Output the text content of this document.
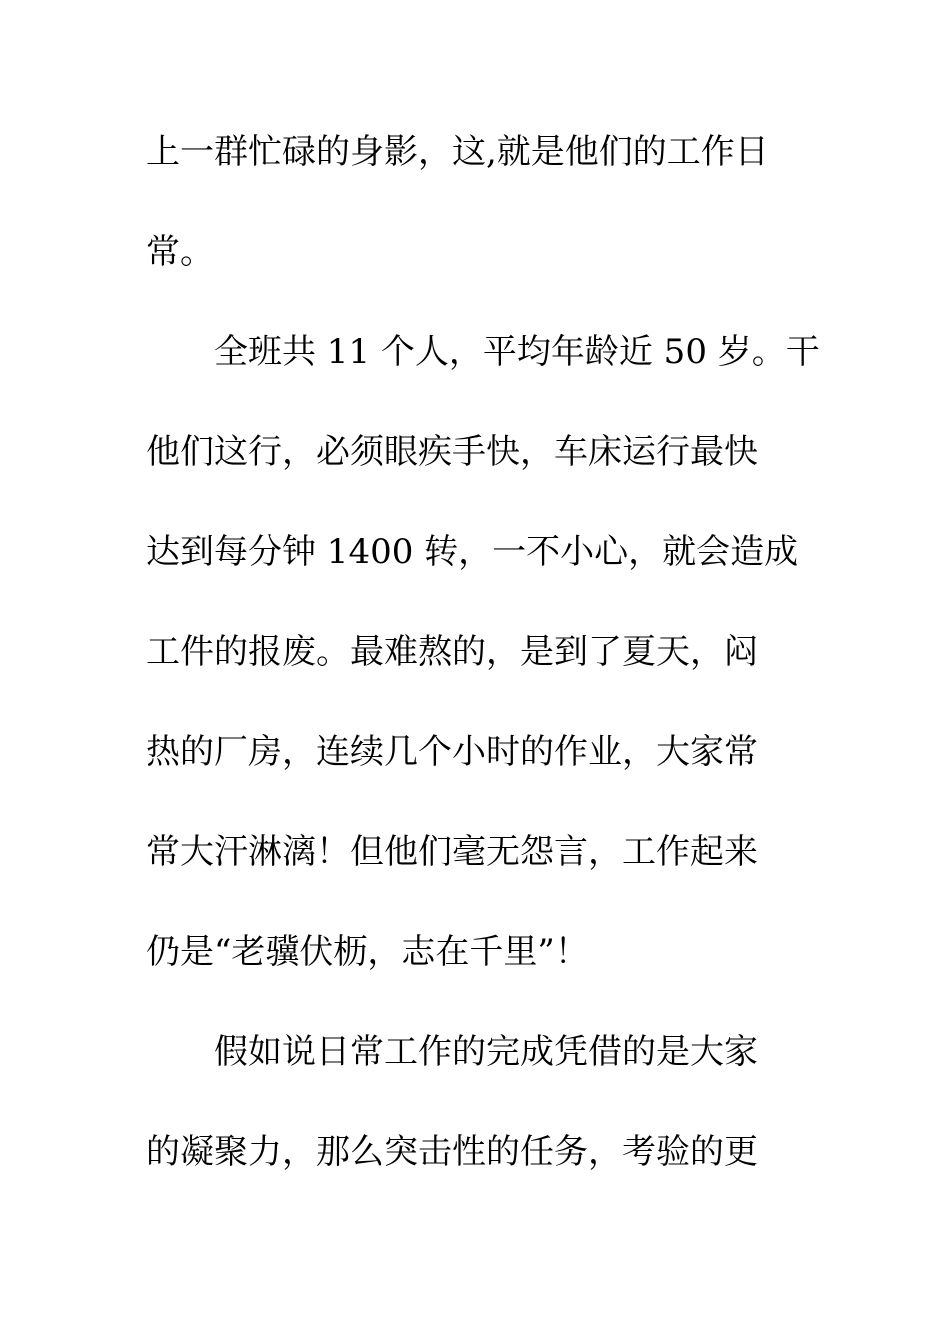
上一群忙碌的身影，这,就是他们的工作日
常。
全班共 11 个人，平均年龄近 50 岁。干
他们这行，必须眼疾手快，车床运行最快
达到每分钟 1400 转，一不小心，就会造成
工件的报废。最难熬的，是到了夏天，闷
热的厂房，连续几个小时的作业，大家常
常大汗淋漓！但他们毫无怨言，工作起来
仍是“老骥伏枥，志在千里”！
假如说日常工作的完成凭借的是大家
的凝聚力，那么突击性的任务，考验的更
